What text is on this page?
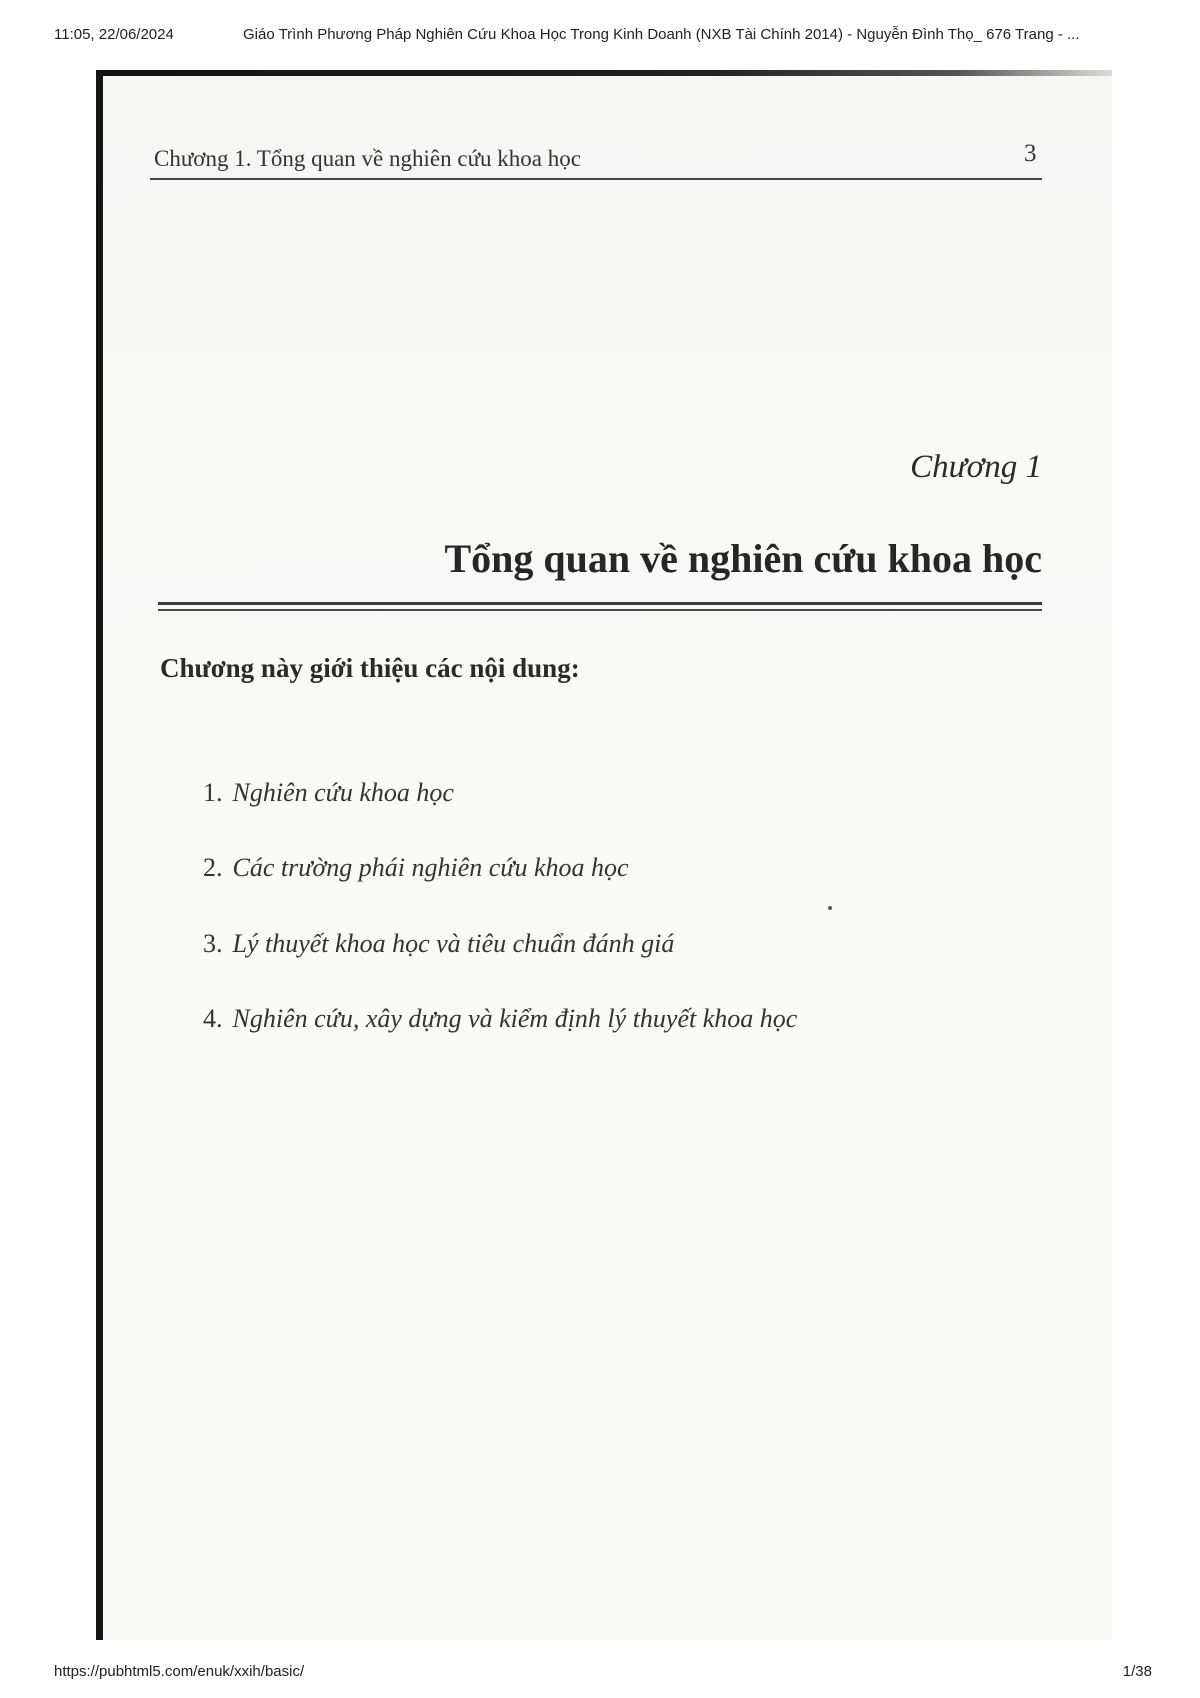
11:05, 22/06/2024	Giáo Trình Phương Pháp Nghiên Cứu Khoa Học Trong Kinh Doanh (NXB Tài Chính 2014) - Nguyễn Đình Thọ_ 676 Trang - ...
Chương 1. Tổng quan về nghiên cứu khoa học	3
Chương 1
Tổng quan về nghiên cứu khoa học
Chương này giới thiệu các nội dung:
1. Nghiên cứu khoa học
2. Các trường phái nghiên cứu khoa học
3. Lý thuyết khoa học và tiêu chuẩn đánh giá
4. Nghiên cứu, xây dựng và kiểm định lý thuyết khoa học
https://pubhtml5.com/enuk/xxih/basic/	1/38
